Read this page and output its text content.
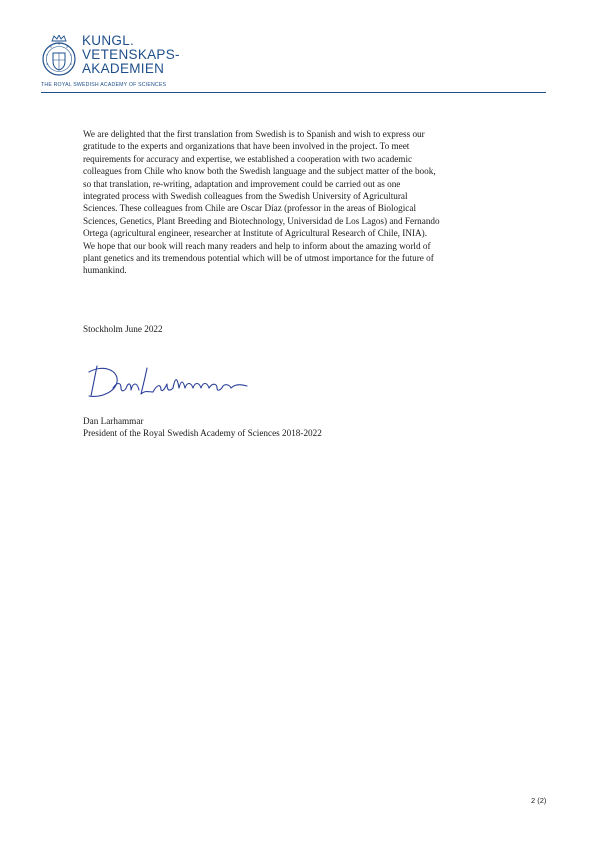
KUNGL.
VETENSKAPS-
AKADEMIEN
THE ROYAL SWEDISH ACADEMY OF SCIENCES
We are delighted that the first translation from Swedish is to Spanish and wish to express our
gratitude to the experts and organizations that have been involved in the project. To meet
requirements for accuracy and expertise, we established a cooperation with two academic
colleagues from Chile who know both the Swedish language and the subject matter of the book,
so that translation, re-writing, adaptation and improvement could be carried out as one
integrated process with Swedish colleagues from the Swedish University of Agricultural
Sciences. These colleagues from Chile are Oscar Díaz (professor in the areas of Biological
Sciences, Genetics, Plant Breeding and Biotechnology, Universidad de Los Lagos) and Fernando
Ortega (agricultural engineer, researcher at Institute of Agricultural Research of Chile, INIA).
We hope that our book will reach many readers and help to inform about the amazing world of
plant genetics and its tremendous potential which will be of utmost importance for the future of
humankind.
Stockholm June 2022
Dan Larhammar
President of the Royal Swedish Academy of Sciences 2018-2022
2 (2)
